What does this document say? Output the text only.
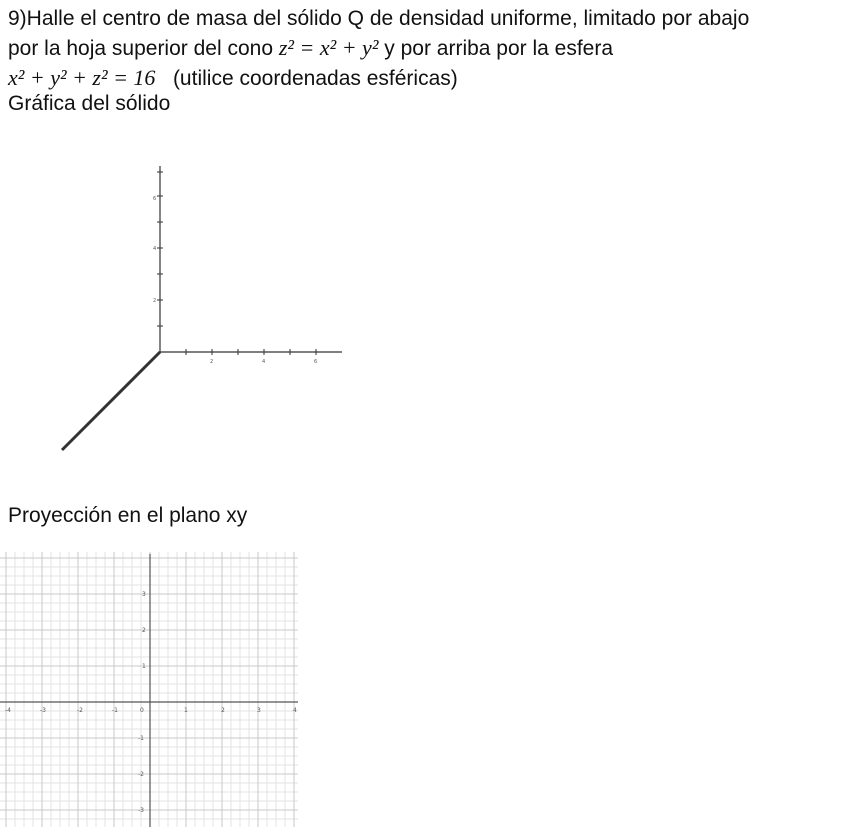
9)Halle el centro de masa del sólido Q de densidad uniforme, limitado por abajo
por la hoja superior del cono z² = x² + y² y por arriba por la esfera
x² + y² + z² = 16 (utilice coordenadas esféricas)
Gráfica del sólido
2	4	6
2
4
6
Proyección en el plano xy
-4	-3	-2	-1	0	1	2	3	4
3
2
1
-1
-2
-3
